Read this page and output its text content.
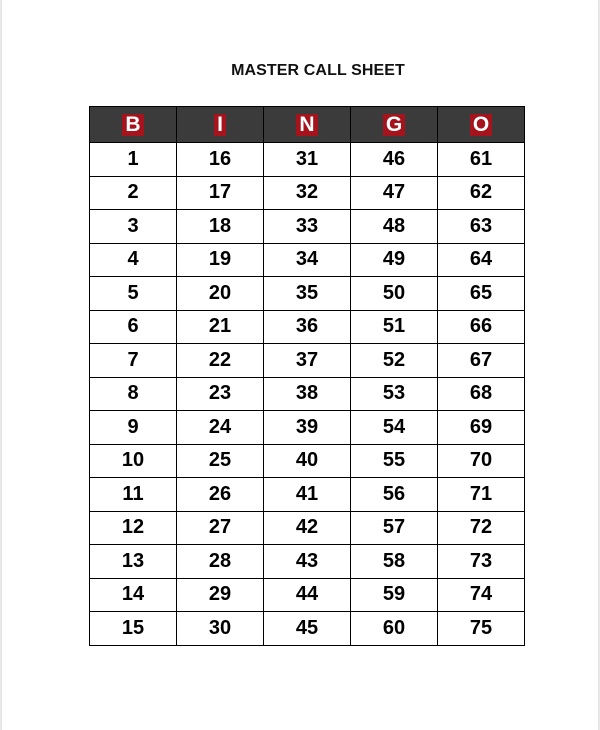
MASTER CALL SHEET
B	I	N	G	O
1	16	31	46	61
2	17	32	47	62
3	18	33	48	63
4	19	34	49	64
5	20	35	50	65
6	21	36	51	66
7	22	37	52	67
8	23	38	53	68
9	24	39	54	69
10	25	40	55	70
11	26	41	56	71
12	27	42	57	72
13	28	43	58	73
14	29	44	59	74
15	30	45	60	75
